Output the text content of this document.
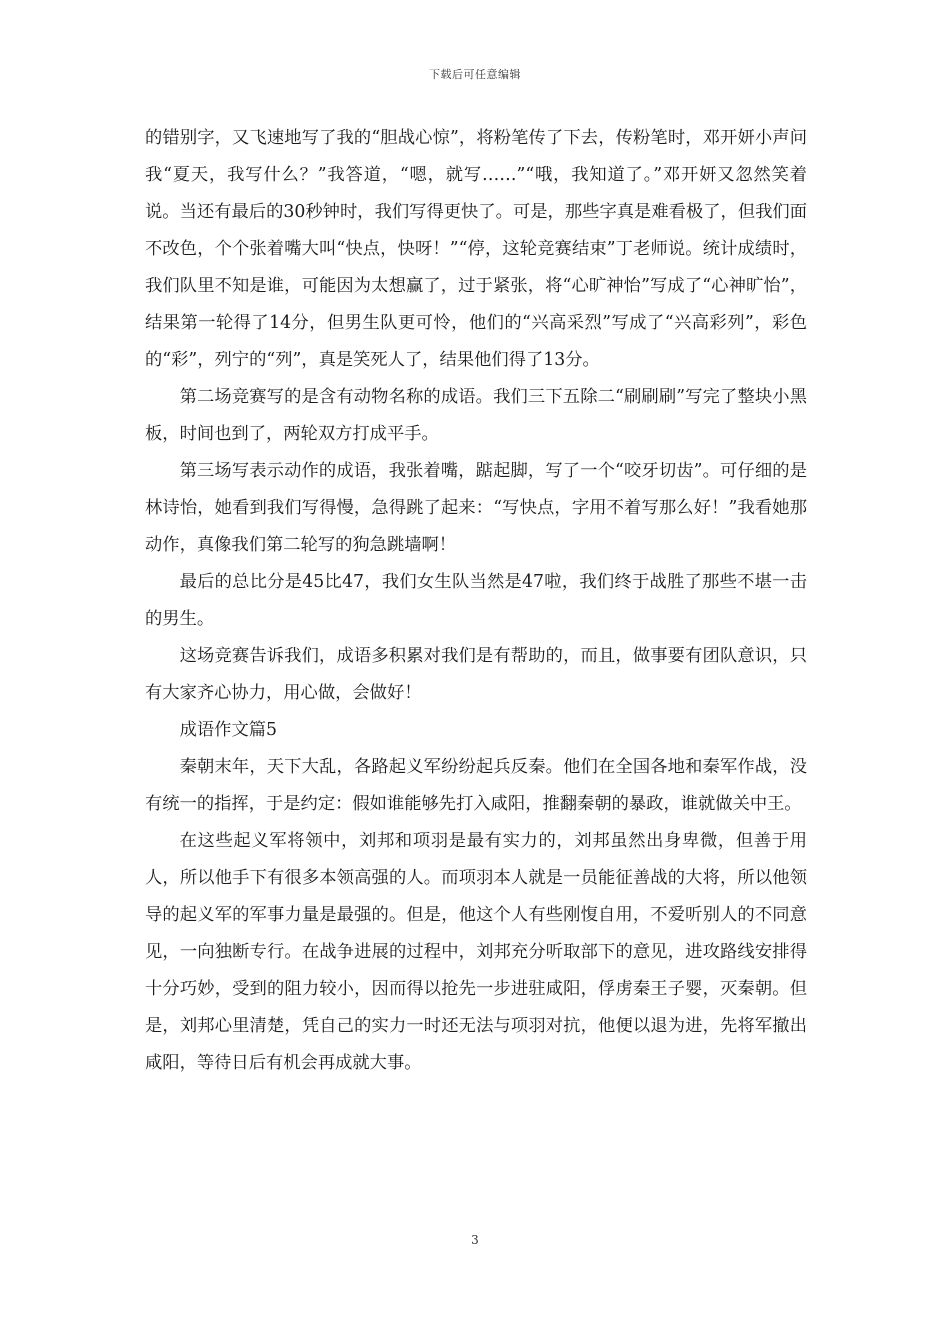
下载后可任意编辑

的错别字，又飞速地写了我的“胆战心惊”，将粉笔传了下去，传粉笔时，邓开妍小声问我“夏天，我写什么？”我答道，“嗯，就写……”“哦，我知道了。”邓开妍又忽然笑着说。当还有最后的30秒钟时，我们写得更快了。可是，那些字真是难看极了，但我们面不改色，个个张着嘴大叫“快点，快呀！”“停，这轮竞赛结束”丁老师说。统计成绩时，我们队里不知是谁，可能因为太想赢了，过于紧张，将“心旷神怡”写成了“心神旷怡”，结果第一轮得了14分，但男生队更可怜，他们的“兴高采烈”写成了“兴高彩列”，彩色的“彩”，列宁的“列”，真是笑死人了，结果他们得了13分。

第二场竞赛写的是含有动物名称的成语。我们三下五除二“刷刷刷”写完了整块小黑板，时间也到了，两轮双方打成平手。

第三场写表示动作的成语，我张着嘴，踮起脚，写了一个“咬牙切齿”。可仔细的是林诗怡，她看到我们写得慢，急得跳了起来：“写快点，字用不着写那么好！”我看她那动作，真像我们第二轮写的狗急跳墙啊！

最后的总比分是45比47，我们女生队当然是47啦，我们终于战胜了那些不堪一击的男生。

这场竞赛告诉我们，成语多积累对我们是有帮助的，而且，做事要有团队意识，只有大家齐心协力，用心做，会做好！

成语作文篇5

秦朝末年，天下大乱，各路起义军纷纷起兵反秦。他们在全国各地和秦军作战，没有统一的指挥，于是约定：假如谁能够先打入咸阳，推翻秦朝的暴政，谁就做关中王。

在这些起义军将领中，刘邦和项羽是最有实力的，刘邦虽然出身卑微，但善于用人，所以他手下有很多本领高强的人。而项羽本人就是一员能征善战的大将，所以他领导的起义军的军事力量是最强的。但是，他这个人有些刚愎自用，不爱听别人的不同意见，一向独断专行。在战争进展的过程中，刘邦充分听取部下的意见，进攻路线安排得十分巧妙，受到的阻力较小，因而得以抢先一步进驻咸阳，俘虏秦王子婴，灭秦朝。但是，刘邦心里清楚，凭自己的实力一时还无法与项羽对抗，他便以退为进，先将军撤出咸阳，等待日后有机会再成就大事。

3
